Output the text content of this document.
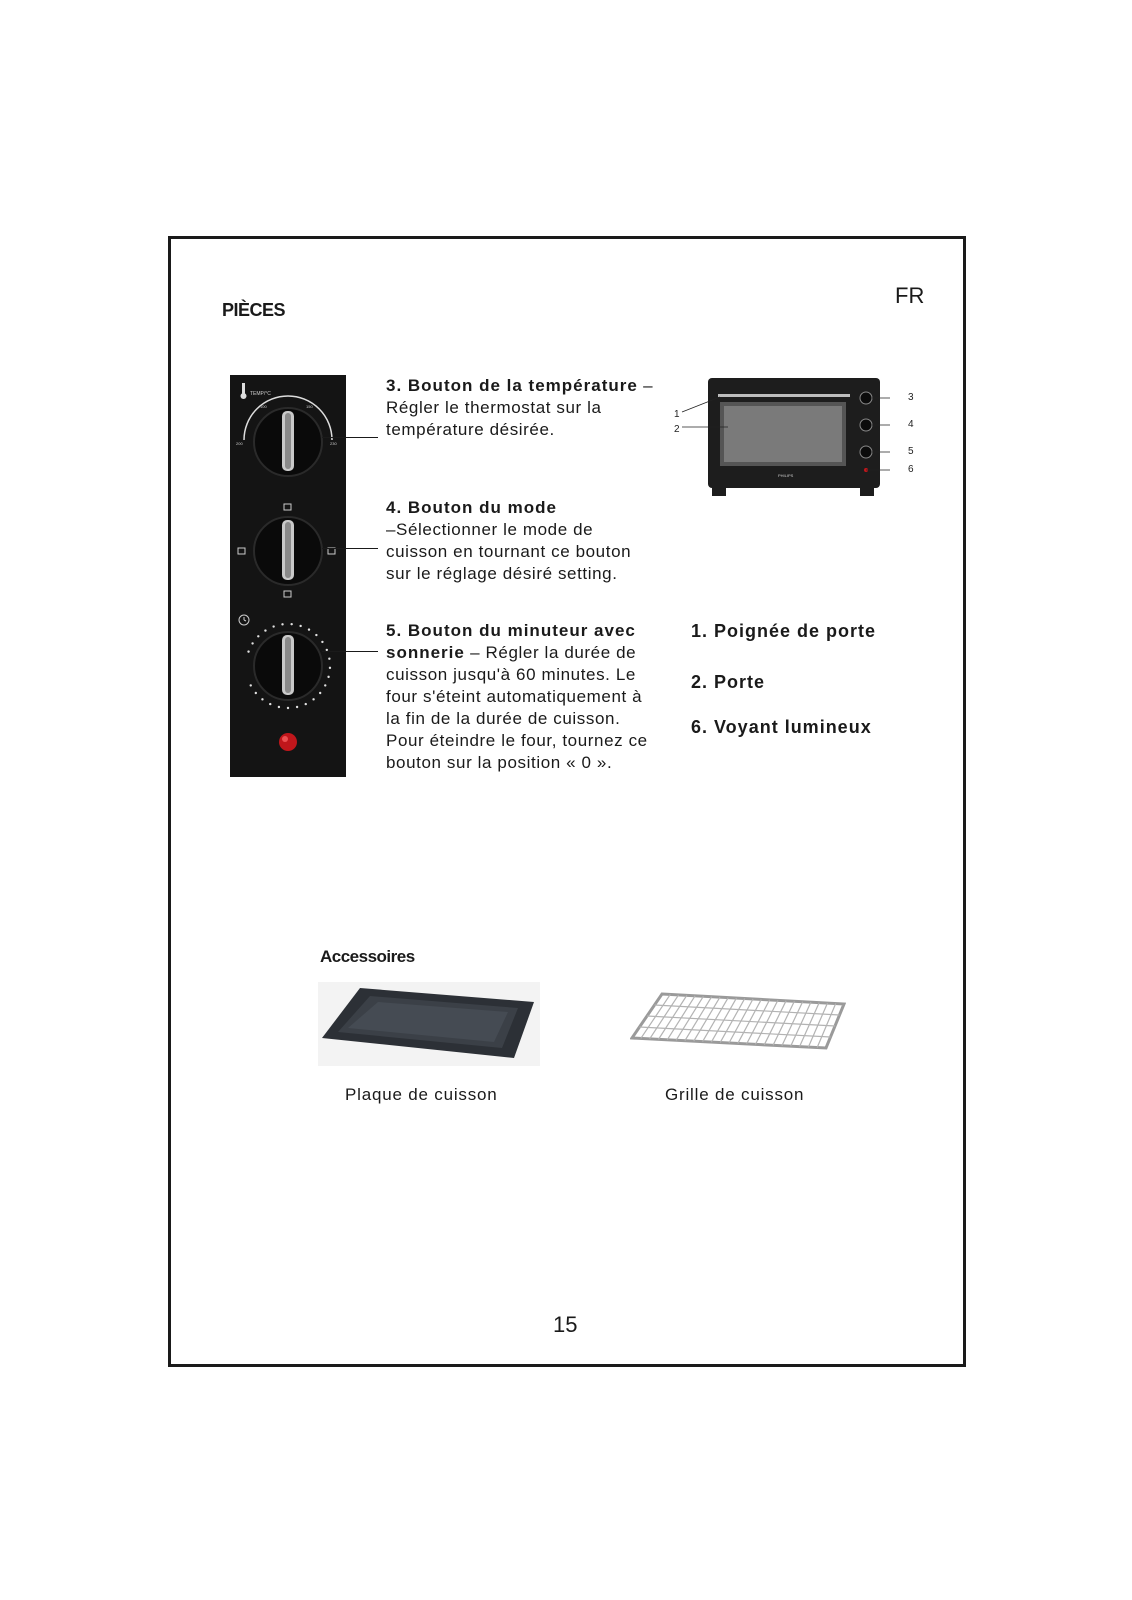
PIÈCES
FR
TEMP/°C
100	150
200	230
3. Bouton de la température – Régler le thermostat sur la température désirée.
4. Bouton du mode
–Sélectionner le mode de cuisson en tournant ce bouton sur le réglage désiré setting.
5. Bouton du minuteur avec sonnerie – Régler la durée de cuisson jusqu'à 60 minutes. Le four s'éteint automatiquement à la fin de la durée de cuisson. Pour éteindre le four, tournez ce bouton sur la position « 0 ».
PHILIPS
1
2
3
4
5
6
1. Poignée de porte
2. Porte
6. Voyant lumineux
Accessoires
Plaque de cuisson	Grille de cuisson
15
